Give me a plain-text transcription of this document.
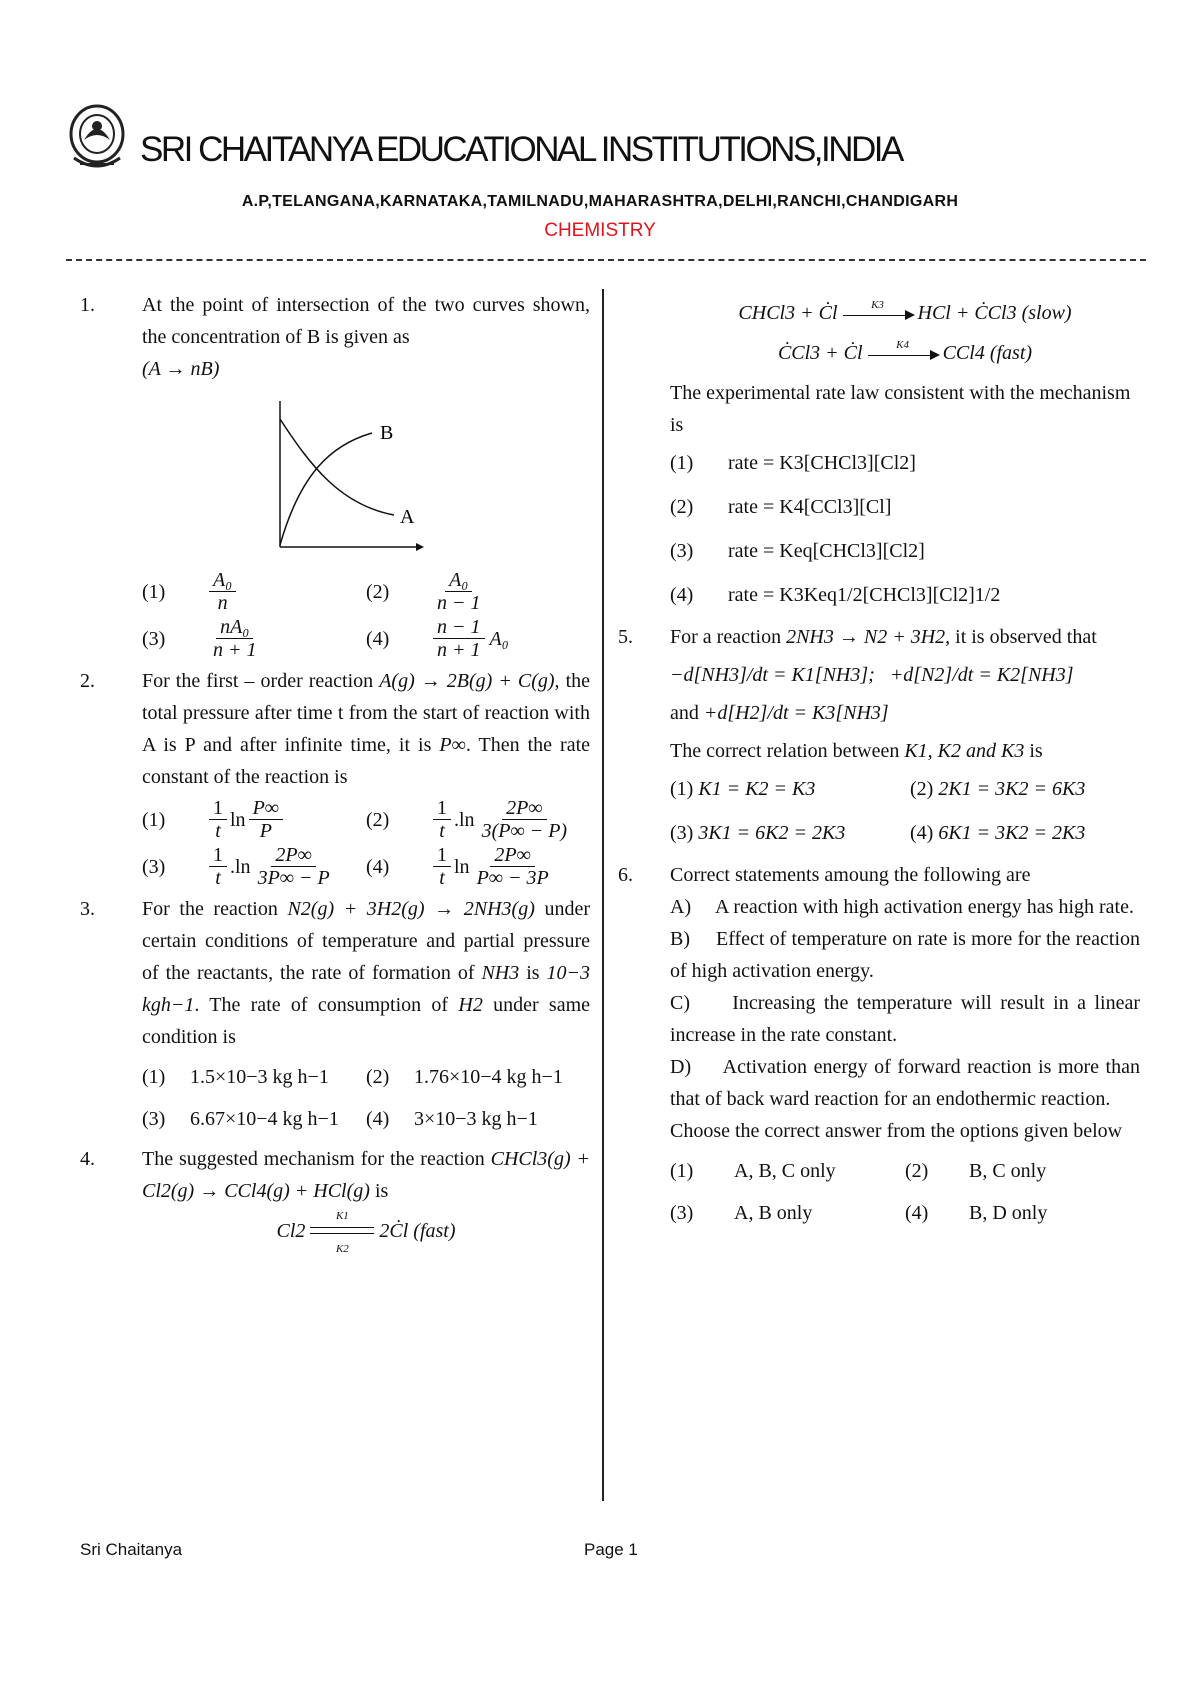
SRI CHAITANYA EDUCATIONAL INSTITUTIONS,INDIA
A.P,TELANGANA,KARNATAKA,TAMILNADU,MAHARASHTRA,DELHI,RANCHI,CHANDIGARH
CHEMISTRY
1. At the point of intersection of the two curves shown, the concentration of B is given as
(A → nB)
B
A
(1)	$\frac{\text{A₀}}{n}$	(2)	$\frac{\text{A₀}}{n - 1}$
(3)	$\frac{\text{nA₀}}{n + 1}$	(4)	$\frac{n - 1}{n + 1} A_0$
2. For the first – order reaction A(g) → 2B(g) + C(g), the total pressure after time t from the start of reaction with A is P and after infinite time, it is P∞. Then the rate constant of the reaction is
(1)	$\frac{1}{t}$ $\ln \frac{P\infty}{P}$	(2)	$\frac{1}{t} .\ln \frac{2P\infty}{3(P\infty - P)}$
(3)	$\frac{1}{t} .\ln \frac{2P\infty}{3P\infty - P} (4)$	$\frac{1}{t}$ $\ln \frac{2P\infty}{P\infty - 3P}$
3. For the reaction N2(g) + 3H2(g) → 2NH3(g) under certain conditions of temperature and partial pressure of the reactants, the rate of formation of NH3 is 10−3 kgh−1. The rate of consumption of H2 under same condition is
(1)	1.5×10−3 kg h−1 (2)	1.76×10−4 kg h−1
(3)	6.67×10−4 kg h−1 (4)	3×10−3 kg h−1
4. The suggested mechanism for the reaction CHCl3(g) + Cl2(g) → CCl4(g) + HCl(g) is
$Cl2 \frac{K1}{K2}$ 2Ċl (fast)
CHCl3 + Ċl	K3	HCl + ĊCl3 (slow)
ĊCl3 + Ċl	K4	CCl4 (fast)
The experimental rate law consistent with the mechanism is
(1)	rate = K3[CHCl3][Cl2]
(2)	rate = K4[CCl3][Cl]
(3)	rate = Keq[CHCl3][Cl2]
(4)	rate = K3Keq1/2[CHCl3][Cl2]1/2
5. For a reaction 2NH3 → N2 + 3H2, it is observed that
−d[NH3]/dt = K1[NH3]; +d[N2]/dt = K2[NH3]
and +d[H2]/dt = K3[NH3]
The correct relation between K1, K2 and K3 is
(1) K1 = K2 = K3	(2) 2K1 = 3K2 = 6K3
(3) 3K1 = 6K2 = 2K3	(4) 6K1 = 3K2 = 2K3
6. Correct statements amoung the following are
A) A reaction with high activation energy has high rate.
B) Effect of temperature on rate is more for the reaction of high activation energy.
C) Increasing the temperature will result in a linear increase in the rate constant.
D) Activation energy of forward reaction is more than that of back ward reaction for an endothermic reaction.
Choose the correct answer from the options given below
(1)	A, B, C only	(2)	B, C only
(3)	A, B only	(4)	B, D only
Sri Chaitanya	Page 1
